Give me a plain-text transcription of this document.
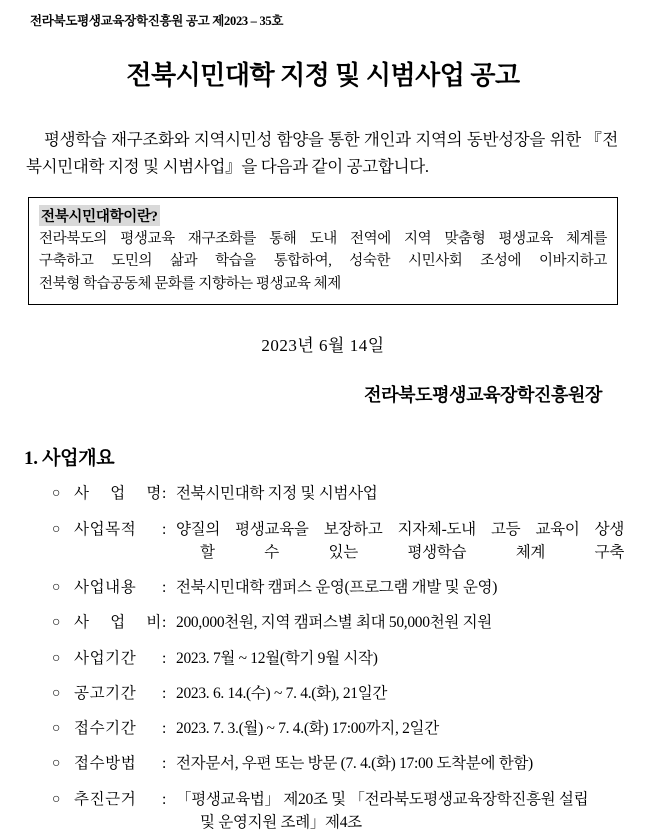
전라북도평생교육장학진흥원 공고 제2023 – 35호
전북시민대학 지정 및 시범사업 공고

평생학습 재구조화와 지역시민성 함양을 통한 개인과 지역의 동반성장을 위한 『전북시민대학 지정 및 시범사업』을 다음과 같이 공고합니다.

전북시민대학이란?
전라북도의 평생교육 재구조화를 통해 도내 전역에 지역 맞춤형 평생교육 체계를
구축하고 도민의 삶과 학습을 통합하여, 성숙한 시민사회 조성에 이바지하고
전북형 학습공동체 문화를 지향하는 평생교육 체제
2023년 6월 14일
전라북도평생교육장학진흥원장
1. 사업개요
○ 사 업 명 : 전북시민대학 지정 및 시범사업
○ 사업목적	: 양질의 평생교육을 보장하고 지자체-도내 고등 교육이 상생
할 수 있는 평생학습 체계 구축
○ 사업내용	: 전북시민대학 캠퍼스 운영(프로그램 개발 및 운영)
○ 사 업 비 : 200,000천원, 지역 캠퍼스별 최대 50,000천원 지원
○ 사업기간	: 2023. 7월 ~ 12월(학기 9월 시작)
○ 공고기간	: 2023. 6. 14.(수) ~ 7. 4.(화), 21일간
○ 접수기간	: 2023. 7. 3.(월) ~ 7. 4.(화) 17:00까지, 2일간
○ 접수방법	: 전자문서, 우편 또는 방문 (7. 4.(화) 17:00 도착분에 한함)
○ 추진근거	: 「평생교육법」 제20조 및 「전라북도평생교육장학진흥원 설립
및 운영지원 조례」제4조
